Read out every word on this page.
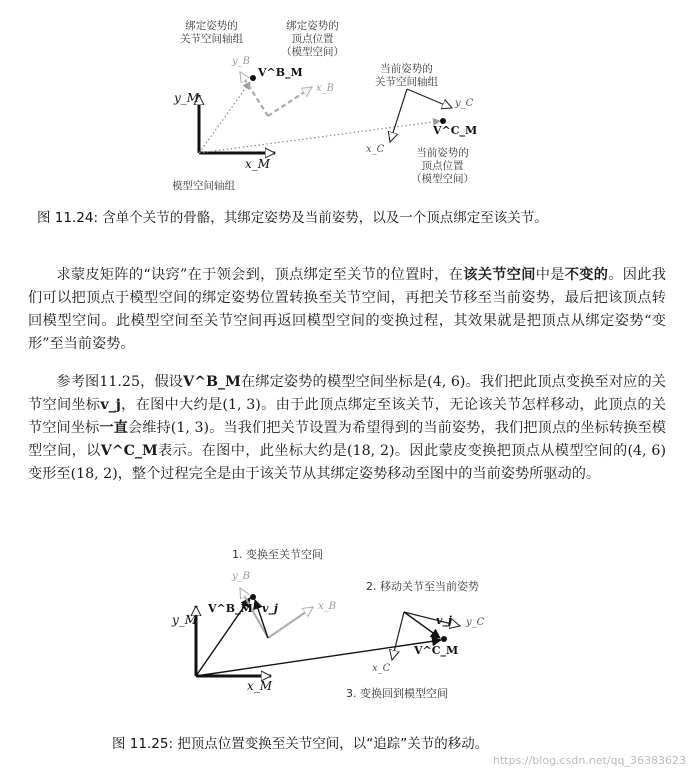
绑定姿势的
关节空间轴组
绑定姿势的
顶点位置
（模型空间）
当前姿势的
关节空间轴组
当前姿势的
顶点位置
（模型空间）
模型空间轴组
y_B
x_B
y_C
x_C
y_M
x_M
V^B_M
V^C_M
图 11.24: 含单个关节的骨骼，其绑定姿势及当前姿势，以及一个顶点绑定至该关节。

求蒙皮矩阵的“诀窍”在于领会到，顶点绑定至关节的位置时，在该关节空间中是不变的。因此我们可以把顶点于模型空间的绑定姿势位置转换至关节空间，再把关节移至当前姿势，最后把该顶点转回模型空间。此模型空间至关节空间再返回模型空间的变换过程，其效果就是把顶点从绑定姿势“变形”至当前姿势。

参考图11.25，假设V^B_M在绑定姿势的模型空间坐标是(4, 6)。我们把此顶点变换至对应的关节空间坐标v_j，在图中大约是(1, 3)。由于此顶点绑定至该关节，无论该关节怎样移动，此顶点的关节空间坐标一直会维持(1, 3)。当我们把关节设置为希望得到的当前姿势，我们把顶点的坐标转换至模型空间，以V^C_M表示。在图中，此坐标大约是(18, 2)。因此蒙皮变换把顶点从模型空间的(4, 6)变形至(18, 2)，整个过程完全是由于该关节从其绑定姿势移动至图中的当前姿势所驱动的。

1. 变换至关节空间
2. 移动关节至当前姿势
3. 变换回到模型空间
y_B
x_B
y_C
x_C
y_M
x_M
V^B_M
V^C_M
v_j
v_j
图 11.25: 把顶点位置变换至关节空间，以“追踪”关节的移动。
https://blog.csdn.net/qq_36383623
